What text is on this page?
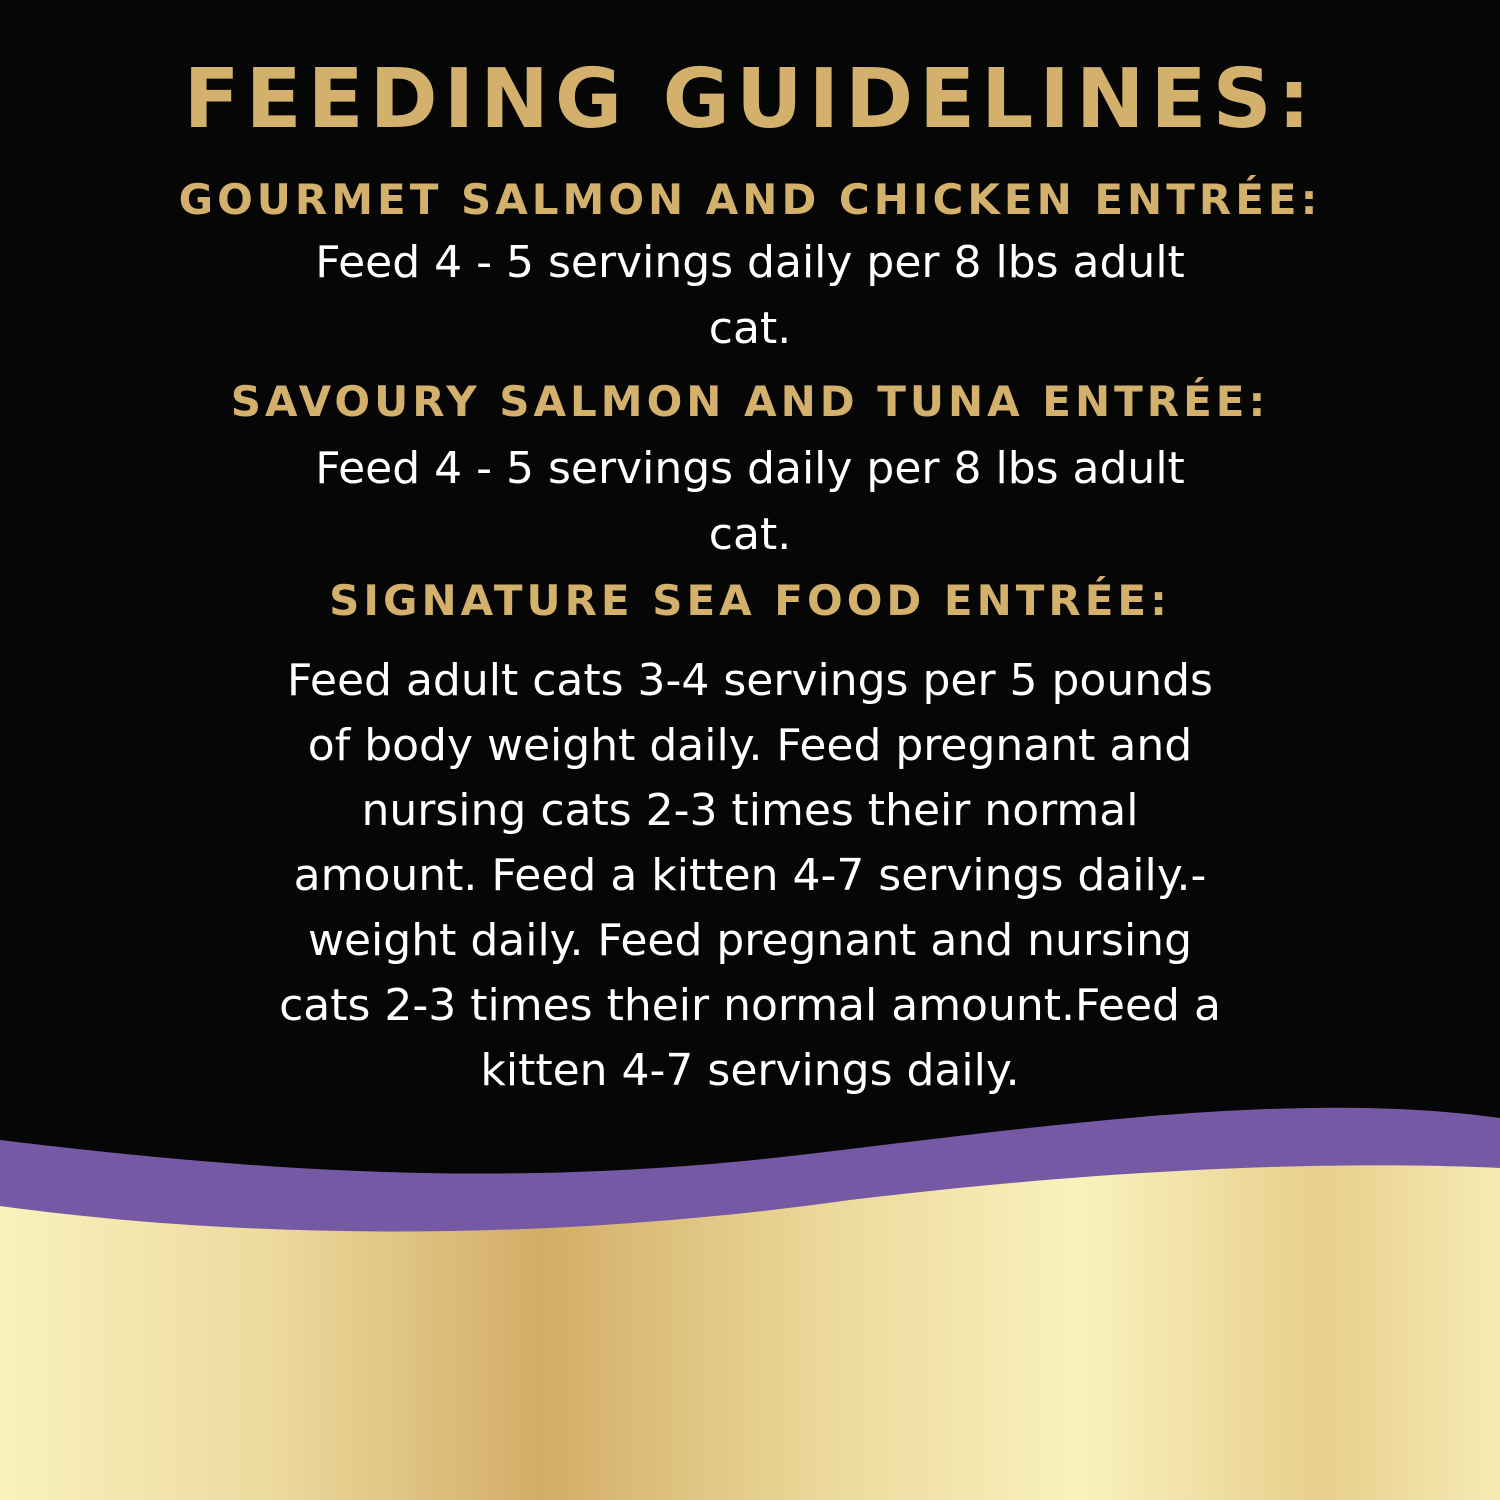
FEEDING GUIDELINES:
GOURMET SALMON AND CHICKEN ENTRÉE:
Feed 4 - 5 servings daily per 8 lbs adult
cat.
SAVOURY SALMON AND TUNA ENTRÉE:
Feed 4 - 5 servings daily per 8 lbs adult
cat.
SIGNATURE SEA FOOD ENTRÉE:
Feed adult cats 3-4 servings per 5 pounds
of body weight daily. Feed pregnant and
nursing cats 2-3 times their normal
amount. Feed a kitten 4-7 servings daily.-
weight daily. Feed pregnant and nursing
cats 2-3 times their normal amount.Feed a
kitten 4-7 servings daily.
